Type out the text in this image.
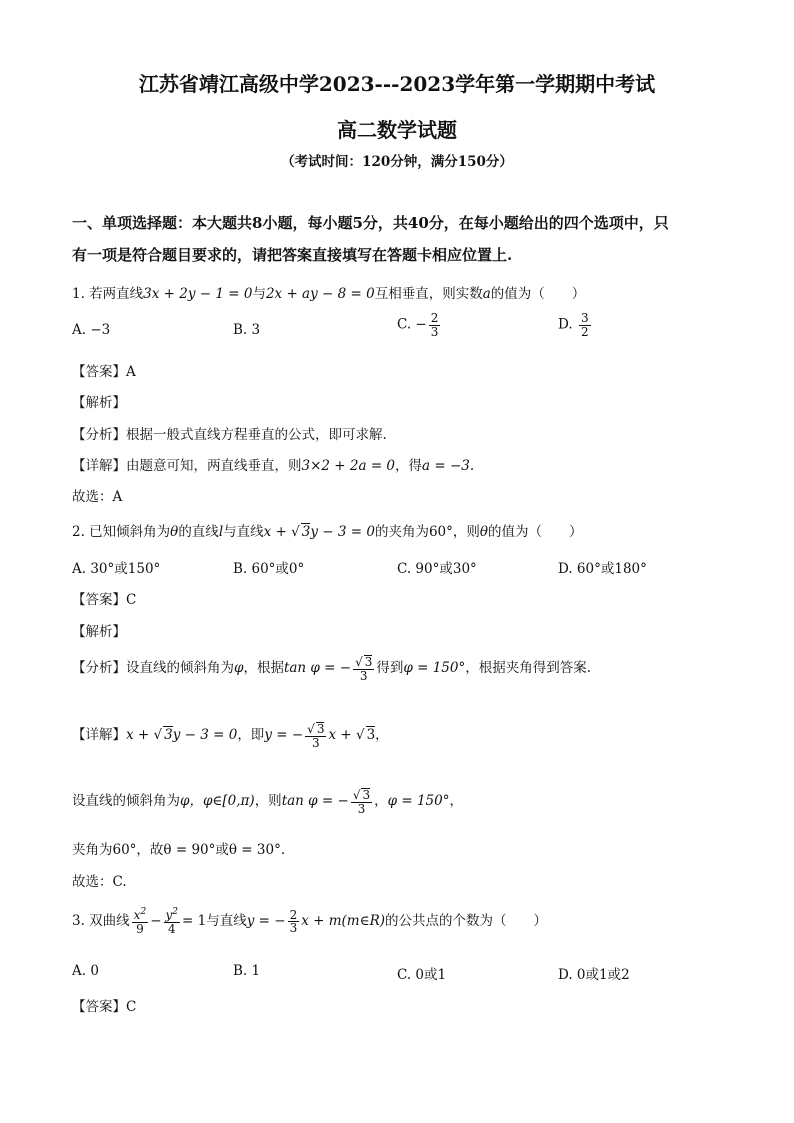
江苏省靖江高级中学2023---2023学年第一学期期中考试
高二数学试题
（考试时间：120分钟，满分150分）
一、单项选择题：本大题共8小题，每小题5分，共40分，在每小题给出的四个选项中，只
有一项是符合题目要求的，请把答案直接填写在答题卡相应位置上.
1. 若两直线3x + 2y − 1 = 0与2x + ay − 8 = 0互相垂直，则实数a的值为（　　）
A. −3	B. 3	C. − $\frac{2}{3}$	D. $\frac{3}{2}$
【答案】A
【解析】
【分析】根据一般式直线方程垂直的公式，即可求解.
【详解】由题意可知，两直线垂直，则3×2 + 2a = 0，得a = −3.
故选：A
2. 已知倾斜角为θ的直线l与直线x + √ 3y − 3 = 0的夹角为60°，则θ的值为（　　）
A. 30°或150°	B. 60°或0°	C. 90°或30°	D. 60°或180°
【答案】C
【解析】
【分析】设直线的倾斜角为φ，根据tan φ = − $\frac{√ 3}{3}$ 得到φ = 150°，根据夹角得到答案.
【详解】x + √ 3y − 3 = 0，即y = − $\frac{√ 3}{3}$ x + √ 3，
设直线的倾斜角为φ，φ∈[0,π)，则tan φ = − $\frac{√ 3}{3}$ ，φ = 150°，
夹角为60°，故θ = 90°或θ = 30°.
故选：C.
3. 双曲线 $\frac{x^2}{9} - \frac{y^2}{4} = 1$与直线y = − $\frac{2}{3}$ x + m(m∈R)的公共点的个数为（　　）
A. 0	B. 1	C. 0或1	D. 0或1或2
【答案】C
